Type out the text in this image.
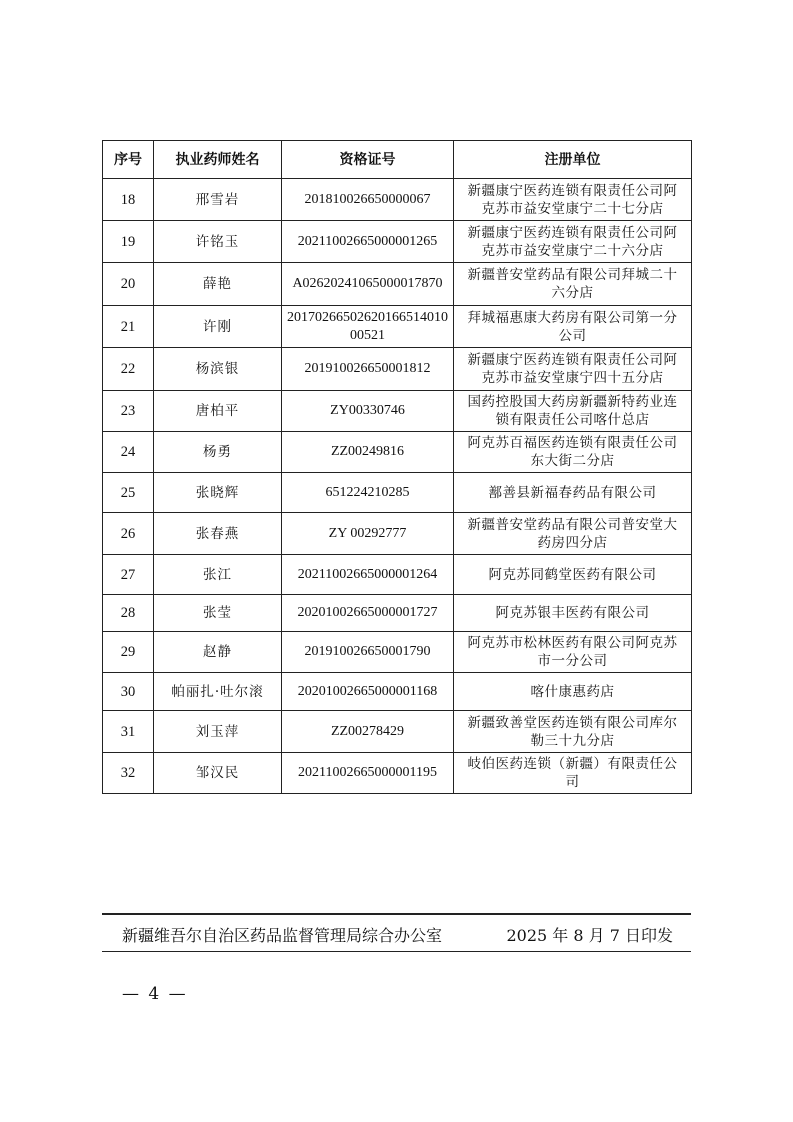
序号	执业药师姓名	资格证号	注册单位
18	邢雪岩	201810026650000067	新疆康宁医药连锁有限责任公司阿克苏市益安堂康宁二十七分店
19	许铭玉	20211002665000001265	新疆康宁医药连锁有限责任公司阿克苏市益安堂康宁二十六分店
20	薛艳	A02620241065000017870	新疆普安堂药品有限公司拜城二十六分店
21	许刚	2017026650262016651401000521	拜城福惠康大药房有限公司第一分公司
22	杨滨银	201910026650001812	新疆康宁医药连锁有限责任公司阿克苏市益安堂康宁四十五分店
23	唐柏平	ZY00330746	国药控股国大药房新疆新特药业连锁有限责任公司喀什总店
24	杨勇	ZZ00249816	阿克苏百福医药连锁有限责任公司东大街二分店
25	张晓辉	651224210285	鄯善县新福春药品有限公司
26	张春燕	ZY 00292777	新疆普安堂药品有限公司普安堂大药房四分店
27	张江	20211002665000001264	阿克苏同鹤堂医药有限公司
28	张莹	20201002665000001727	阿克苏银丰医药有限公司
29	赵静	201910026650001790	阿克苏市松林医药有限公司阿克苏市一分公司
30	帕丽扎·吐尔滚	20201002665000001168	喀什康惠药店
31	刘玉萍	ZZ00278429	新疆致善堂医药连锁有限公司库尔勒三十九分店
32	邹汉民	20211002665000001195	岐伯医药连锁（新疆）有限责任公司
新疆维吾尔自治区药品监督管理局综合办公室	2025 年 8 月 7 日印发
— 4 —
